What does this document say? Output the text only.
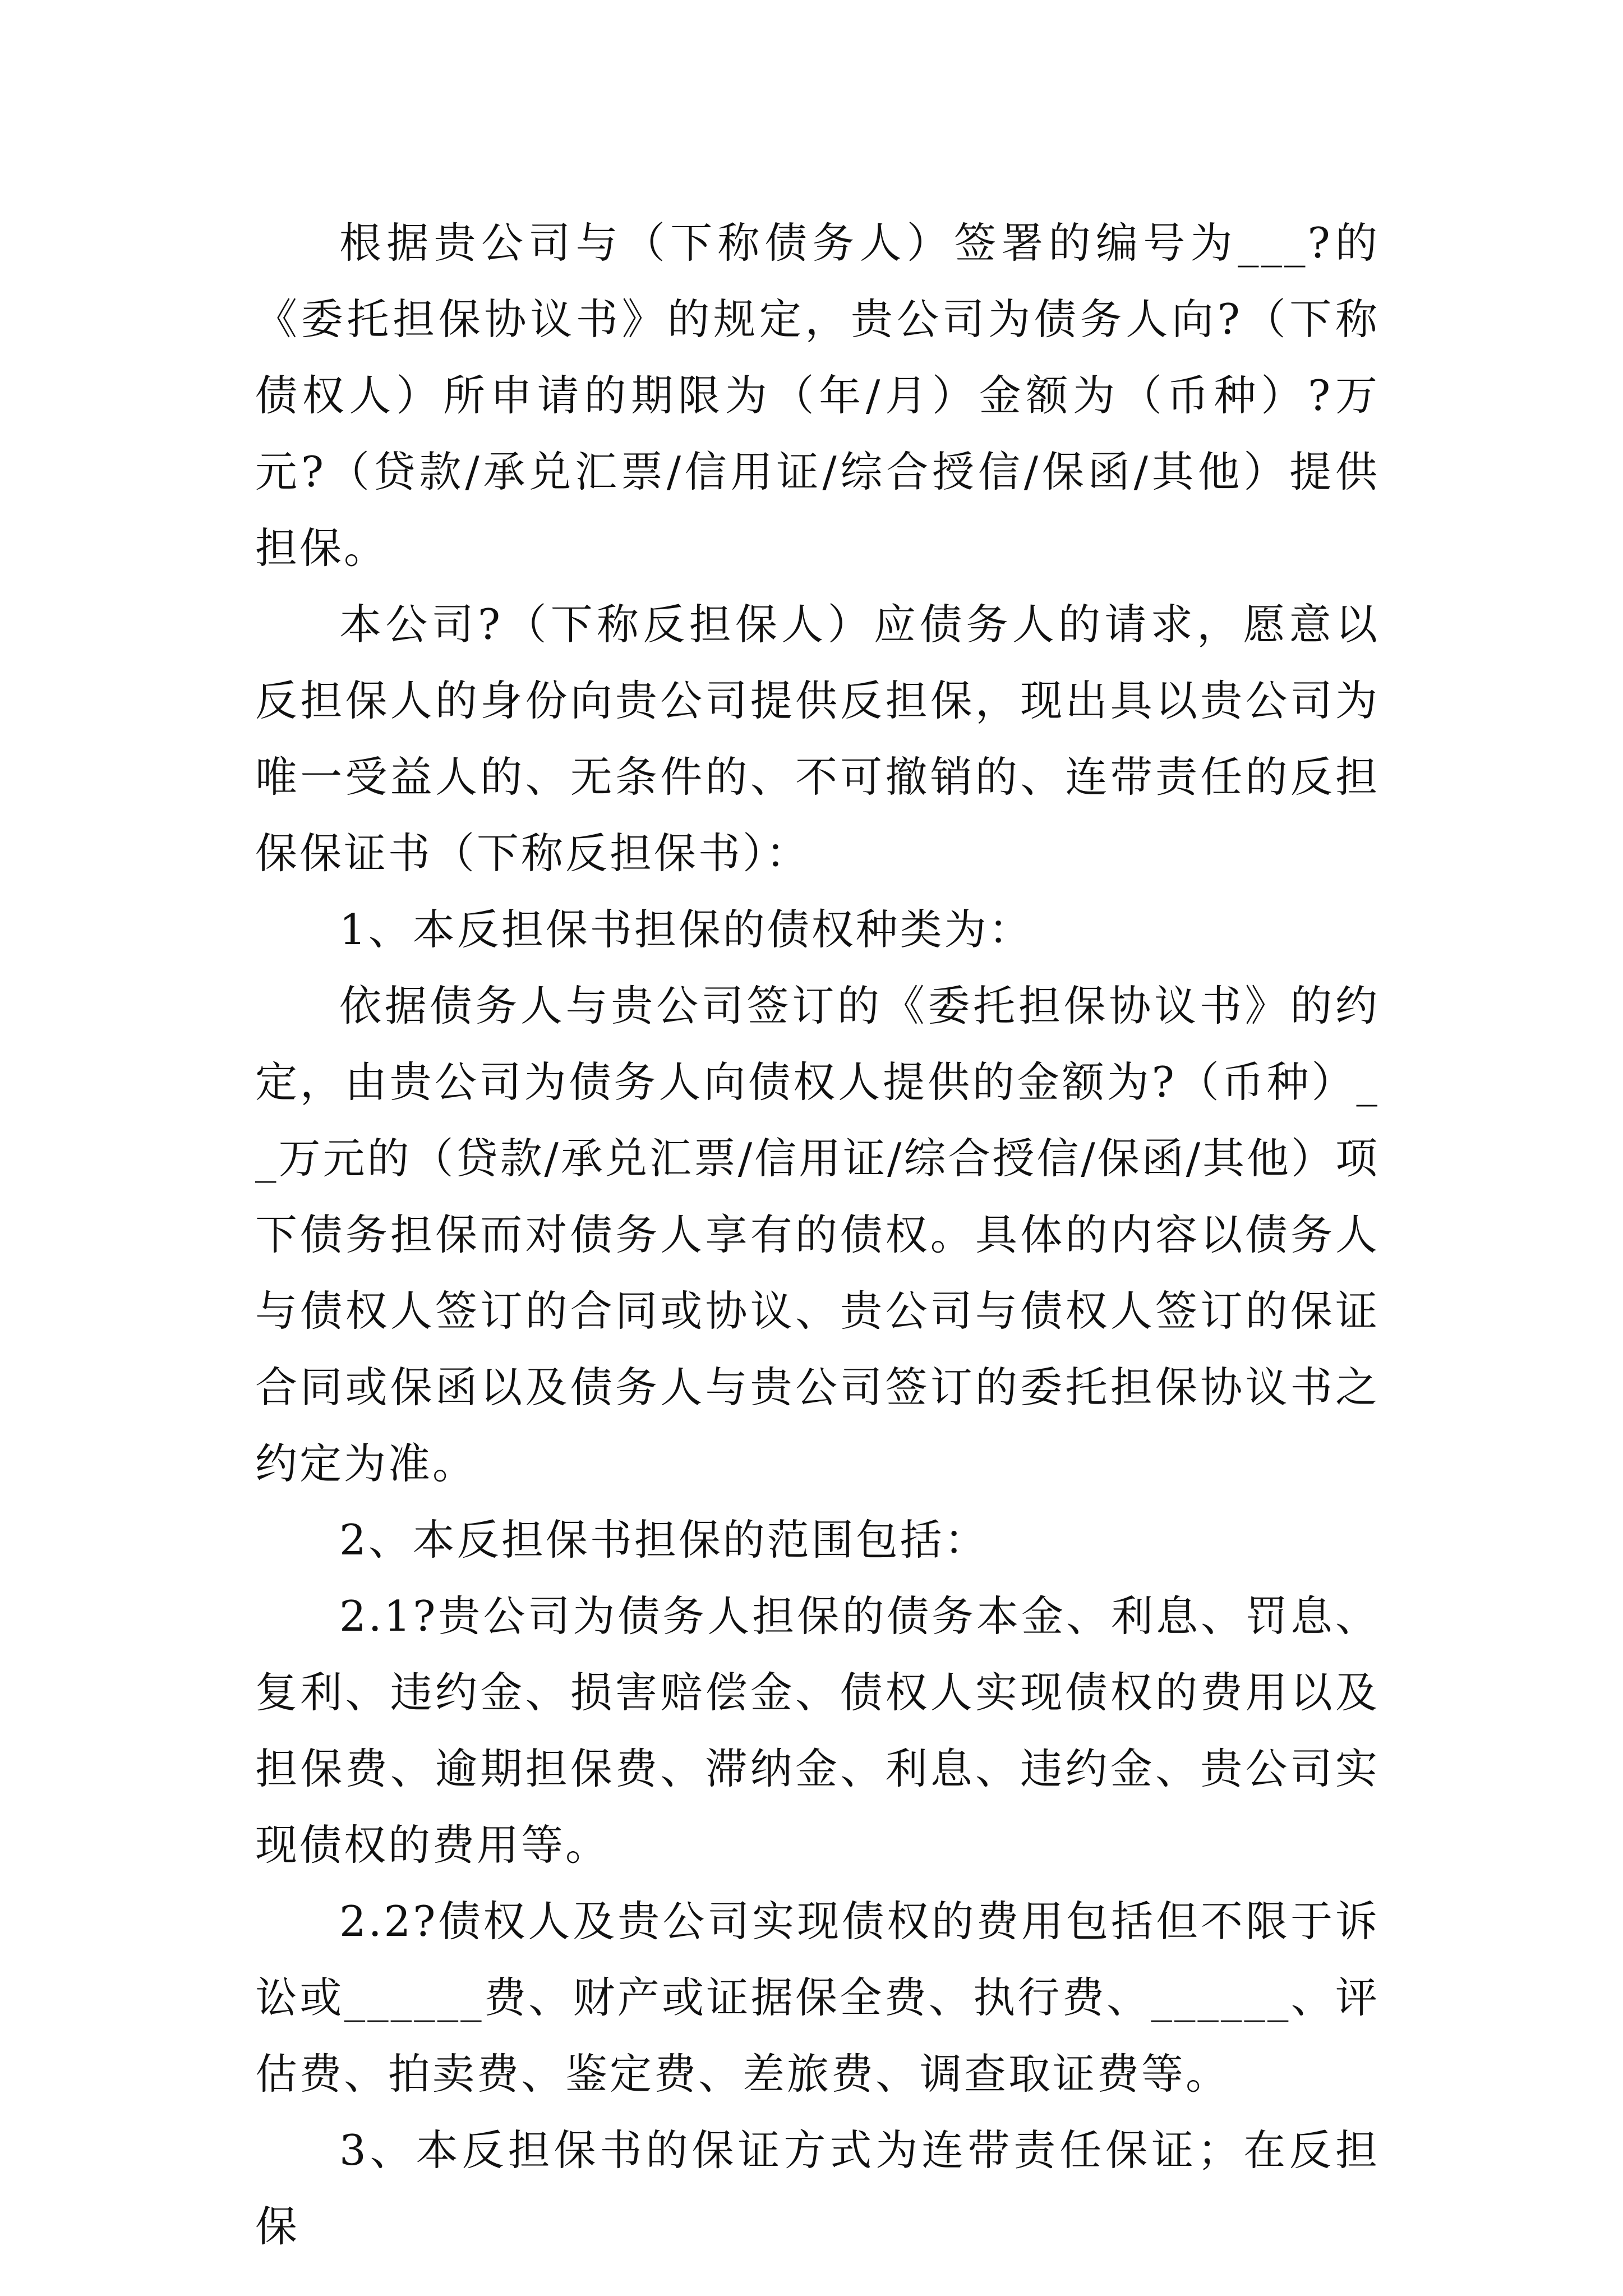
根据贵公司与（下称债务人）签署的编号为___?的《委托担保协议书》的规定，贵公司为债务人向?（下称债权人）所申请的期限为（年/月）金额为（币种）?万元?（贷款/承兑汇票/信用证/综合授信/保函/其他）提供担保。

本公司?（下称反担保人）应债务人的请求，愿意以反担保人的身份向贵公司提供反担保，现出具以贵公司为唯一受益人的、无条件的、不可撤销的、连带责任的反担保保证书（下称反担保书）：

1、本反担保书担保的债权种类为：

依据债务人与贵公司签订的《委托担保协议书》的约定，由贵公司为债务人向债权人提供的金额为?（币种）__万元的（贷款/承兑汇票/信用证/综合授信/保函/其他）项下债务担保而对债务人享有的债权。具体的内容以债务人与债权人签订的合同或协议、贵公司与债权人签订的保证合同或保函以及债务人与贵公司签订的委托担保协议书之约定为准。

2、本反担保书担保的范围包括：

2.1?贵公司为债务人担保的债务本金、利息、罚息、复利、违约金、损害赔偿金、债权人实现债权的费用以及担保费、逾期担保费、滞纳金、利息、违约金、贵公司实现债权的费用等。

2.2?债权人及贵公司实现债权的费用包括但不限于诉讼或______费、财产或证据保全费、执行费、______、评估费、拍卖费、鉴定费、差旅费、调查取证费等。

3、本反担保书的保证方式为连带责任保证；在反担保
